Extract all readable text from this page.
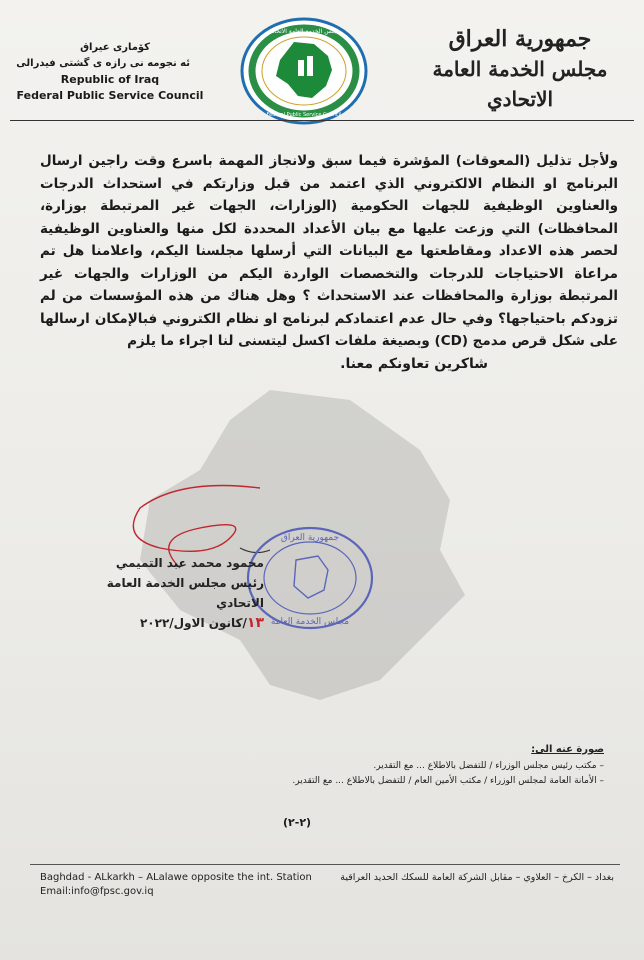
کۆماری عیراق
ئه نجومه نی رازه ی گشتی فیدرالی
Republic of Iraq
Federal Public Service Council
مجلس الخدمة العامة الاتحادي
Federal Public Service Council
جمهورية العراق
مجلس الخدمة العامة الاتحادي

ولأجل تذليل (المعوقات) المؤشرة فيما سبق ولانجاز المهمة باسرع وقت راجين ارسال البرنامج او النظام الالكتروني الذي اعتمد من قبل وزارتكم في استحداث الدرجات والعناوين الوظيفية للجهات الحكومية (الوزارات، الجهات غير المرتبطة بوزارة، المحافظات) التي وزعت عليها مع بيان الأعداد المحددة لكل منها والعناوين الوظيفية لحصر هذه الاعداد ومقاطعتها مع البيانات التي أرسلها مجلسنا اليكم، واعلامنا هل تم مراعاة الاحتياجات للدرجات والتخصصات الواردة اليكم من الوزارات والجهات غير المرتبطة بوزارة والمحافظات عند الاستحداث ؟ وهل هناك من هذه المؤسسات من لم تزودكم باحتياجها؟ وفي حال عدم اعتمادكم لبرنامج او نظام الكتروني فبالإمكان ارسالها على شكل قرص مدمج (CD) وبصيغة ملفات اكسل ليتسنى لنا اجراء ما يلزم

شاكرين تعاونكم معنا.

جمهورية العراق
مجلس الخدمة العامة
محمود محمد عبد التميمي
رئيس مجلس الخدمة العامة الاتحادي
١٣/كانون الاول/٢٠٢٢
صورة عنه الى:
– مكتب رئيس مجلس الوزراء / للتفضل بالاطلاع ... مع التقدير.
– الأمانة العامة لمجلس الوزراء / مكتب الأمين العام / للتفضل بالاطلاع ... مع التقدير.
(٢-٢)
Baghdad - ALkarkh – ALalawe opposite the int. Station
Email:info@fpsc.gov.iq
بغداد – الكرخ – العلاوي – مقابل الشركة العامة للسكك الحديد العراقية
